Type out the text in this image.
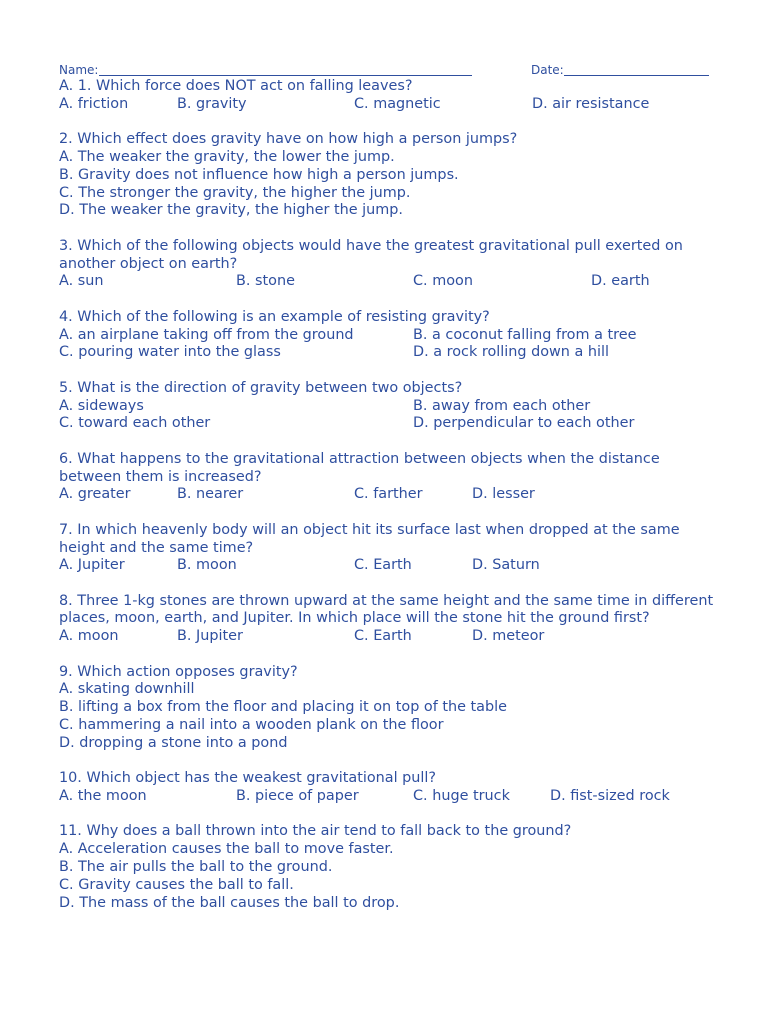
Name:	Date:

A. 1. Which force does NOT act on falling leaves?

A. friction	B. gravity	C. magnetic	D. air resistance

2. Which effect does gravity have on how high a person jumps?

A. The weaker the gravity, the lower the jump.

B. Gravity does not influence how high a person jumps.

C. The stronger the gravity, the higher the jump.

D. The weaker the gravity, the higher the jump.

3. Which of the following objects would have the greatest gravitational pull exerted on another object on earth?

A. sun	B. stone	C. moon	D. earth

4. Which of the following is an example of resisting gravity?

A. an airplane taking off from the ground	B. a coconut falling from a tree
C. pouring water into the glass	D. a rock rolling down a hill

5. What is the direction of gravity between two objects?

A. sideways	B. away from each other
C. toward each other	D. perpendicular to each other

6. What happens to the gravitational attraction between objects when the distance between them is increased?

A. greater	B. nearer	C. farther	D. lesser

7. In which heavenly body will an object hit its surface last when dropped at the same height and the same time?

A. Jupiter	B. moon	C. Earth	D. Saturn

8. Three 1-kg stones are thrown upward at the same height and the same time in different places, moon, earth, and Jupiter. In which place will the stone hit the ground first?

A. moon	B. Jupiter	C. Earth	D. meteor

9. Which action opposes gravity?

A. skating downhill

B. lifting a box from the floor and placing it on top of the table

C. hammering a nail into a wooden plank on the floor

D. dropping a stone into a pond

10. Which object has the weakest gravitational pull?

A. the moon	B. piece of paper	C. huge truck	D. fist-sized rock

11. Why does a ball thrown into the air tend to fall back to the ground?

A. Acceleration causes the ball to move faster.

B. The air pulls the ball to the ground.

C. Gravity causes the ball to fall.

D. The mass of the ball causes the ball to drop.
